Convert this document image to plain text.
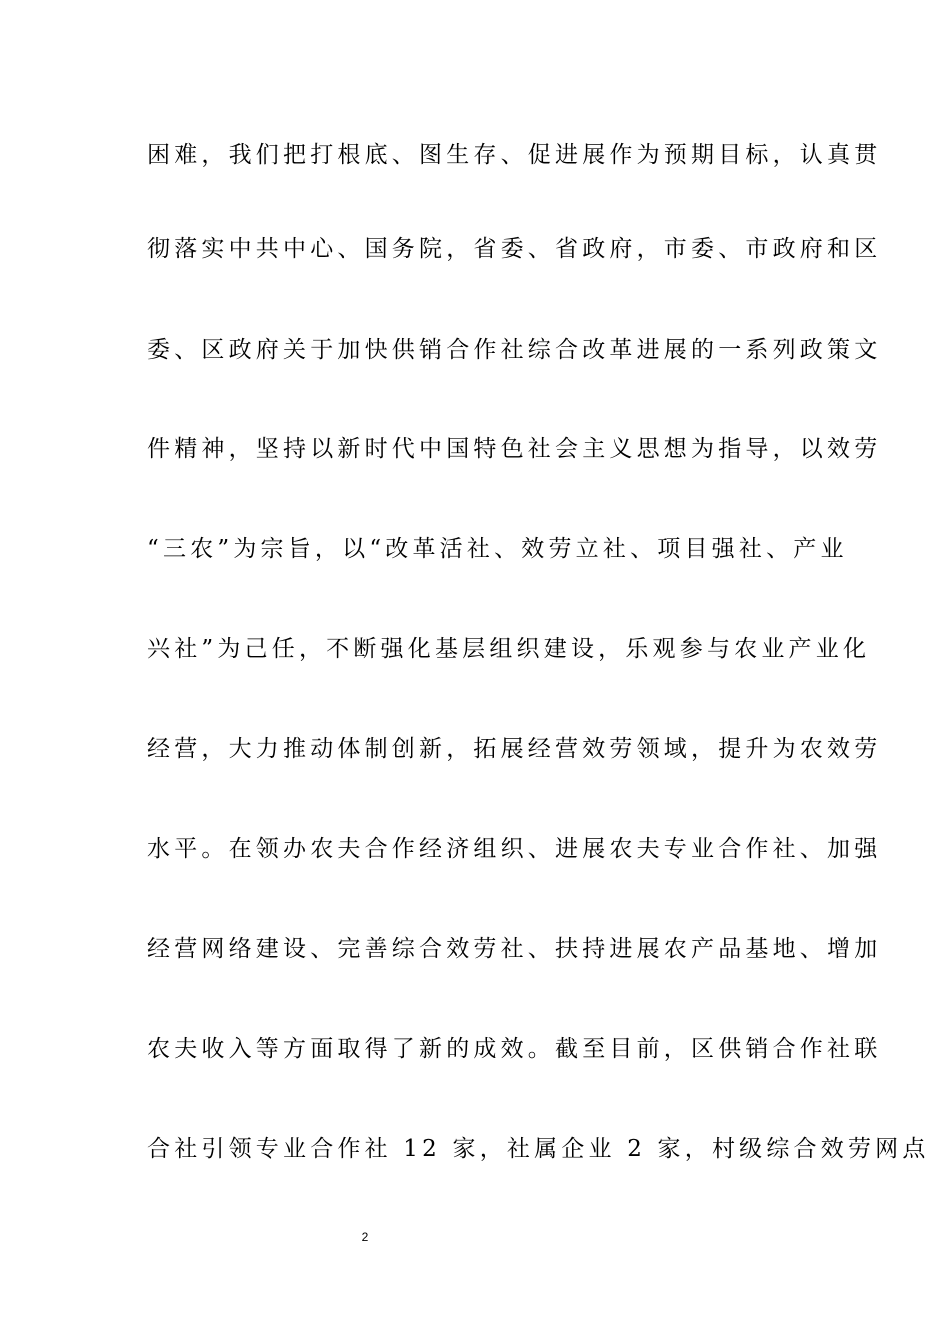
困难，我们把打根底、图生存、促进展作为预期目标，认真贯
彻落实中共中心、国务院，省委、省政府，市委、市政府和区
委、区政府关于加快供销合作社综合改革进展的一系列政策文
件精神，坚持以新时代中国特色社会主义思想为指导，以效劳
“三农”为宗旨，以“改革活社、效劳立社、项目强社、产业
兴社”为己任，不断强化基层组织建设，乐观参与农业产业化
经营，大力推动体制创新，拓展经营效劳领域，提升为农效劳
水平。在领办农夫合作经济组织、进展农夫专业合作社、加强
经营网络建设、完善综合效劳社、扶持进展农产品基地、增加
农夫收入等方面取得了新的成效。截至目前，区供销合作社联
合社引领专业合作社 12 家，社属企业 2 家，村级综合效劳网点
2
